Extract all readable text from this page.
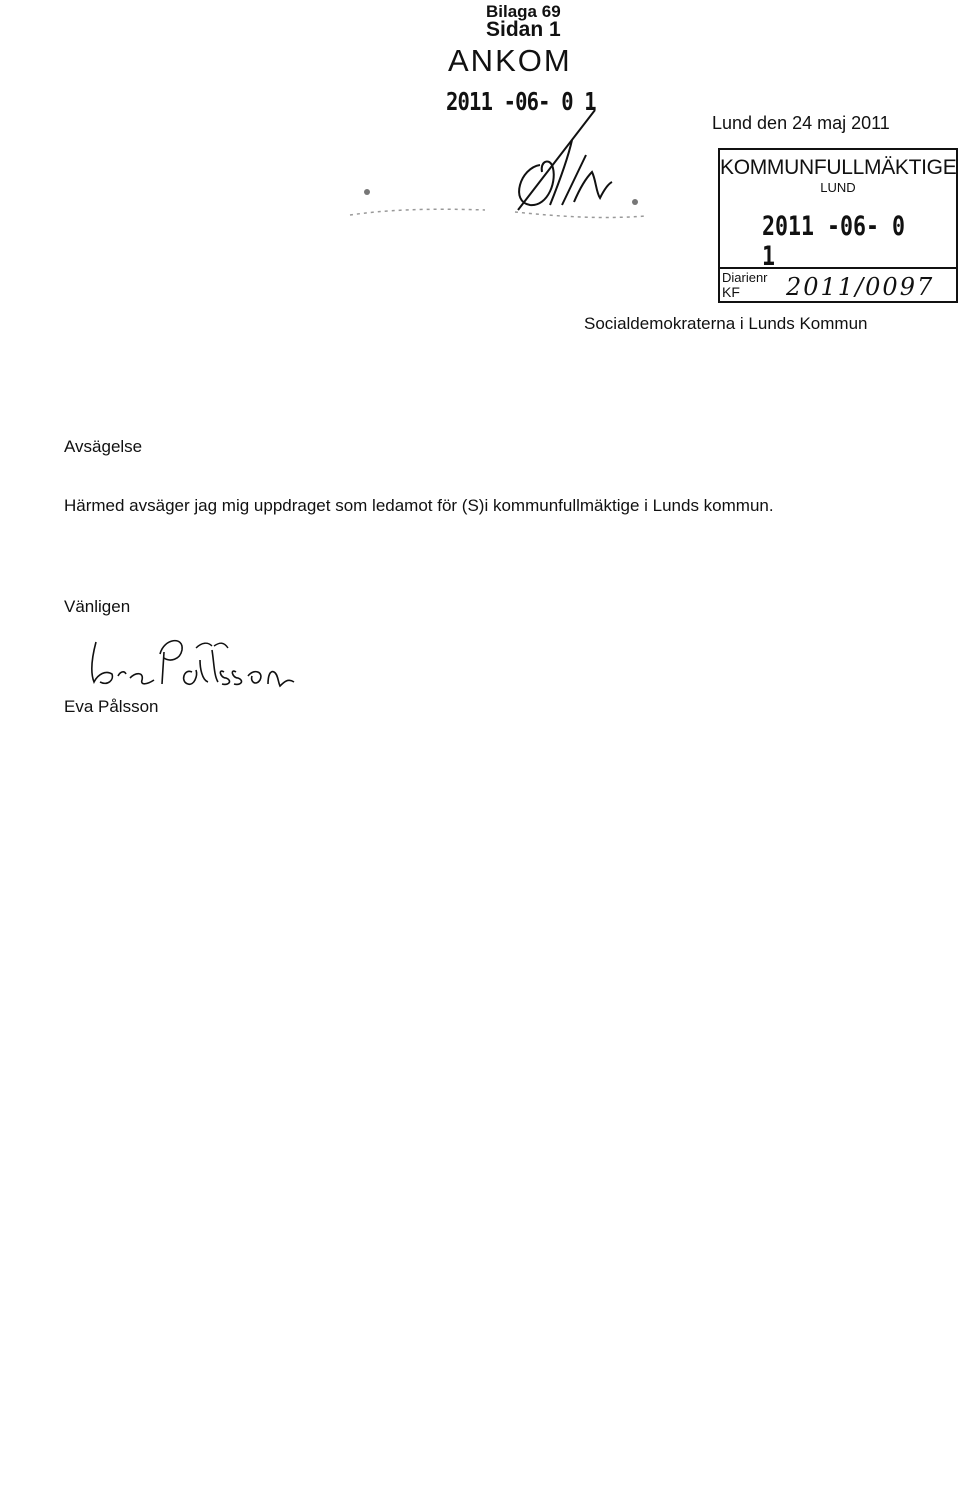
Bilaga 69
Sidan 1
ANKOM
2011 -06- 0 1
Lund den 24 maj 2011
KOMMUNFULLMÄKTIGE
LUND
2011 -06- 0 1
Diarienr
KF 2011/0097
Socialdemokraterna i Lunds Kommun
Avsägelse
Härmed avsäger jag mig uppdraget som ledamot för (S)i kommunfullmäktige i Lunds kommun.
Vänligen
Eva Pålsson
